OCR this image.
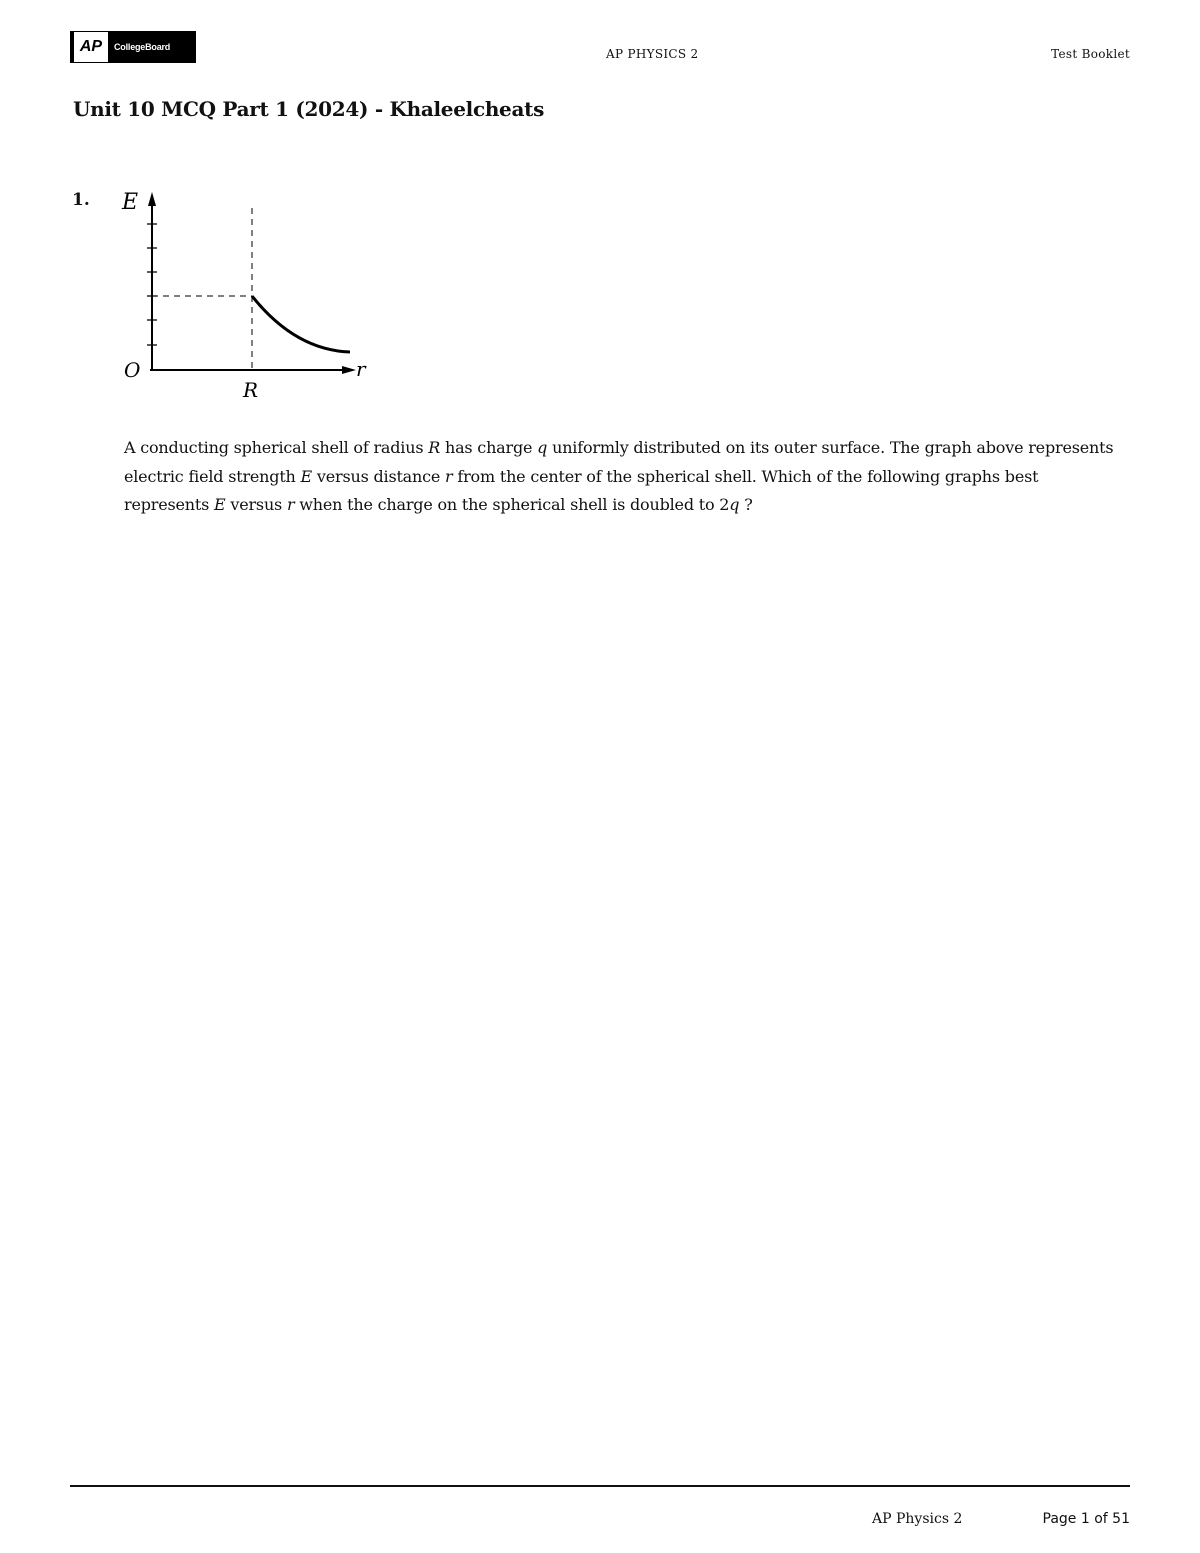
AP	CollegeBoard	AP PHYSICS 2	Test Booklet
Unit 10 MCQ Part 1 (2024) - Khaleelcheats
1. E
r
O
R
A conducting spherical shell of radius R has charge q uniformly distributed on its outer surface. The graph above represents electric field strength E versus distance r from the center of the spherical shell. Which of the following graphs best represents E versus r when the charge on the spherical shell is doubled to 2q ?
AP Physics 2	Page 1 of 51
